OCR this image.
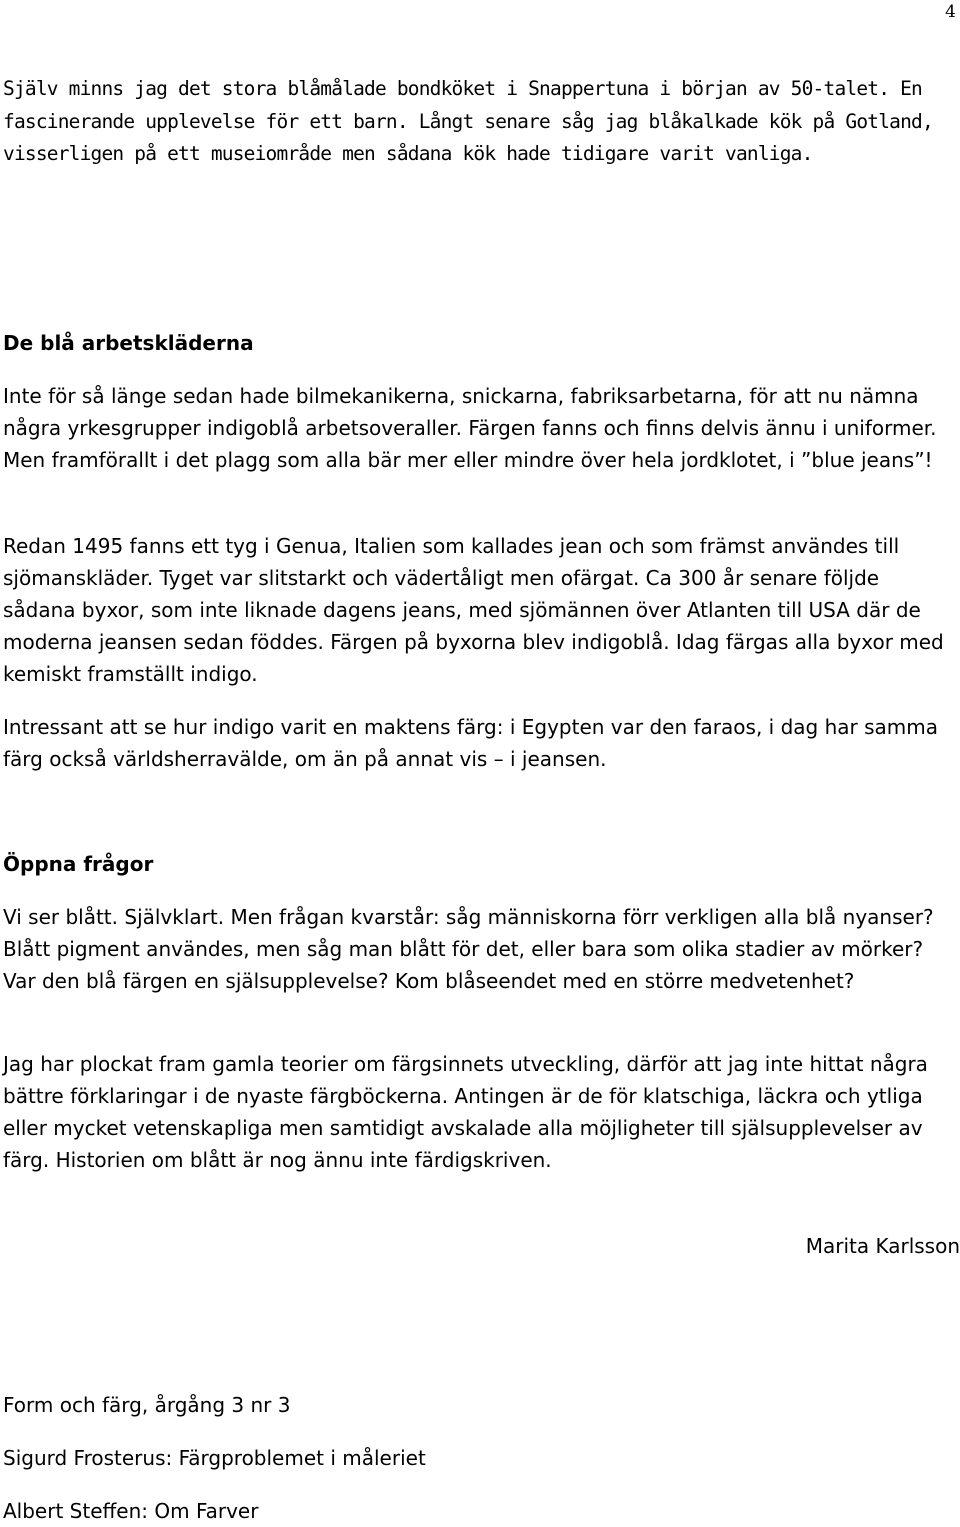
4

Själv minns jag det stora blåmålade bondköket i Snappertuna i början av 50-talet. En fascinerande upplevelse för ett barn. Långt senare såg jag blåkalkade kök på Gotland, visserligen på ett museiområde men sådana kök hade tidigare varit vanliga.

De blå arbetskläderna

Inte för så länge sedan hade bilmekanikerna, snickarna, fabriksarbetarna, för att nu nämna några yrkesgrupper indigoblå arbetsoveraller. Färgen fanns och finns delvis ännu i uniformer. Men framförallt i det plagg som alla bär mer eller mindre över hela jordklotet, i ”blue jeans”!

Redan 1495 fanns ett tyg i Genua, Italien som kallades jean och som främst användes till sjömanskläder. Tyget var slitstarkt och vädertåligt men ofärgat. Ca 300 år senare följde sådana byxor, som inte liknade dagens jeans, med sjömännen över Atlanten till USA där de moderna jeansen sedan föddes. Färgen på byxorna blev indigoblå. Idag färgas alla byxor med kemiskt framställt indigo.

Intressant att se hur indigo varit en maktens färg: i Egypten var den faraos, i dag har samma färg också världsherravälde, om än på annat vis – i jeansen.

Öppna frågor

Vi ser blått. Självklart. Men frågan kvarstår: såg människorna förr verkligen alla blå nyanser? Blått pigment användes, men såg man blått för det, eller bara som olika stadier av mörker? Var den blå färgen en själsupplevelse? Kom blåseendet med en större medvetenhet?

Jag har plockat fram gamla teorier om färgsinnets utveckling, därför att jag inte hittat några bättre förklaringar i de nyaste färgböckerna. Antingen är de för klatschiga, läckra och ytliga eller mycket vetenskapliga men samtidigt avskalade alla möjligheter till själsupplevelser av färg. Historien om blått är nog ännu inte färdigskriven.

Marita Karlsson

Form och färg, årgång 3 nr 3

Sigurd Frosterus: Färgproblemet i måleriet

Albert Steffen: Om Farver
